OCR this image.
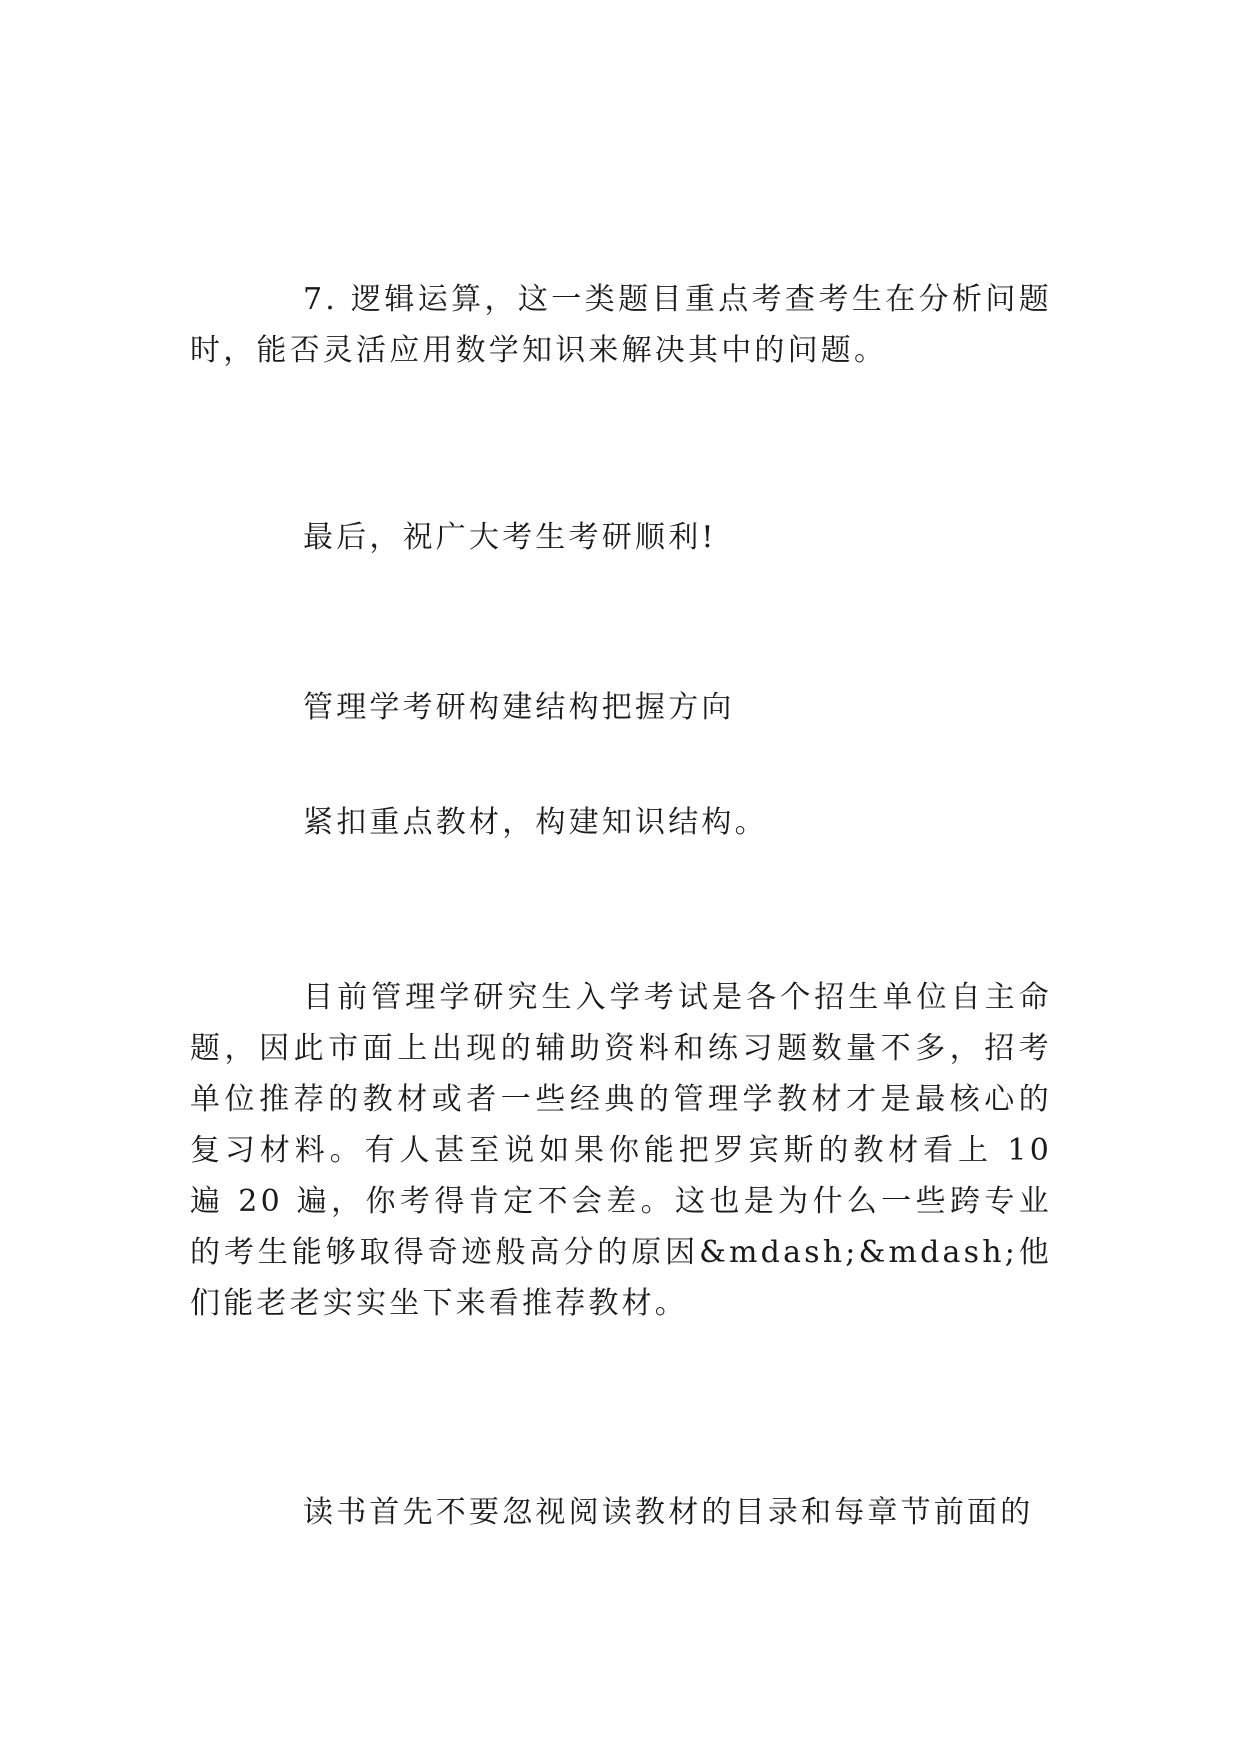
7. 逻辑运算，这一类题目重点考查考生在分析问题时，能否灵活应用数学知识来解决其中的问题。

最后，祝广大考生考研顺利!

管理学考研构建结构把握方向

紧扣重点教材，构建知识结构。

目前管理学研究生入学考试是各个招生单位自主命题，因此市面上出现的辅助资料和练习题数量不多，招考单位推荐的教材或者一些经典的管理学教材才是最核心的复习材料。有人甚至说如果你能把罗宾斯的教材看上 10 遍 20 遍，你考得肯定不会差。这也是为什么一些跨专业的考生能够取得奇迹般高分的原因&mdash;&mdash;他们能老老实实坐下来看推荐教材。

读书首先不要忽视阅读教材的目录和每章节前面的
